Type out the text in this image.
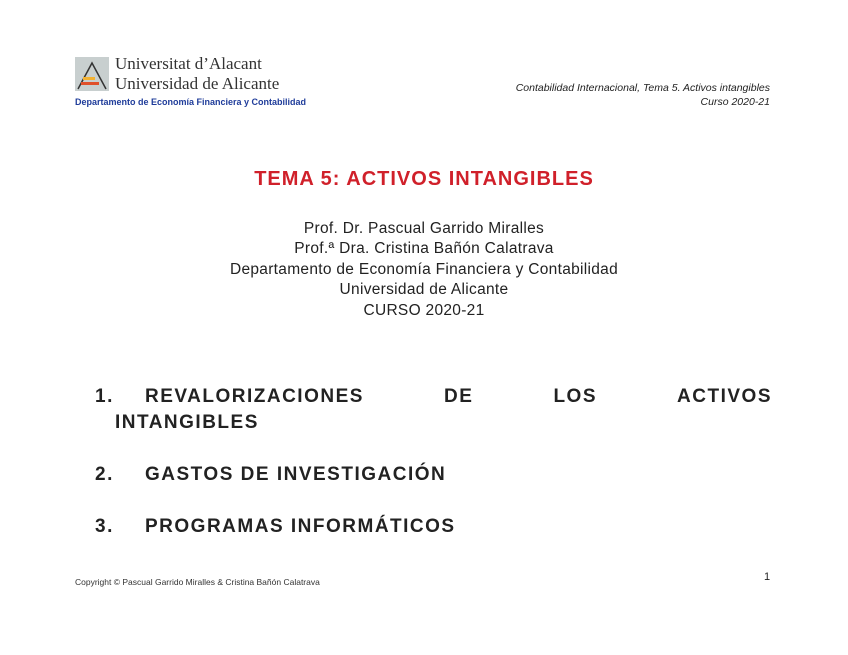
Universitat d’Alacant
Universidad de Alicante
Departamento de Economía Financiera y Contabilidad
Contabilidad Internacional, Tema 5. Activos intangibles
Curso 2020-21
TEMA 5: ACTIVOS INTANGIBLES
Prof. Dr. Pascual Garrido Miralles
Prof.ª Dra. Cristina Bañón Calatrava
Departamento de Economía Financiera y Contabilidad
Universidad de Alicante
CURSO 2020-21
1. REVALORIZACIONES	DE	LOS	ACTIVOS
INTANGIBLES
2. GASTOS DE INVESTIGACIÓN
3. PROGRAMAS INFORMÁTICOS
Copyright © Pascual Garrido Miralles & Cristina Bañón Calatrava	1
